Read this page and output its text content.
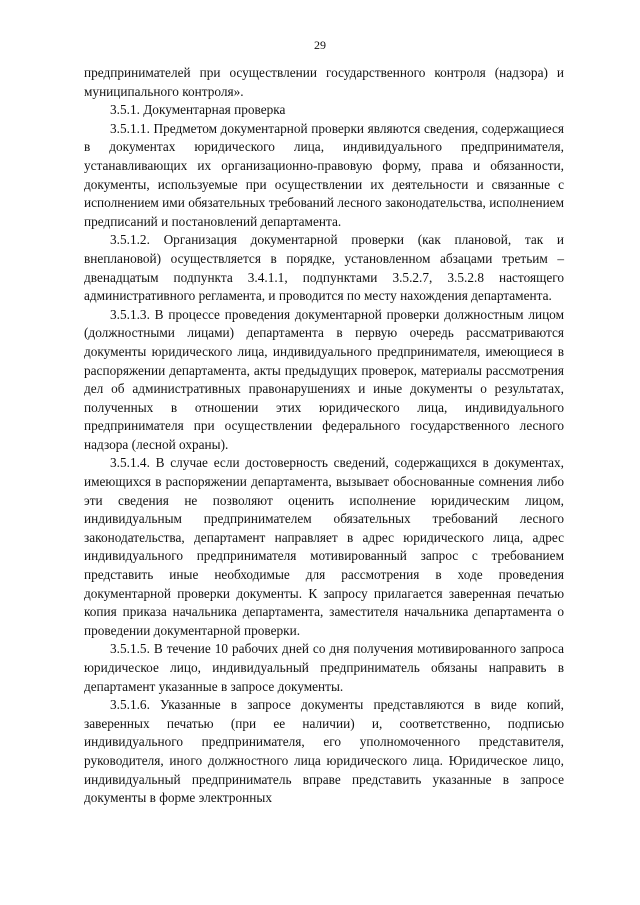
29

предпринимателей при осуществлении государственного контроля (надзора) и муниципального контроля».

3.5.1. Документарная проверка

3.5.1.1. Предметом документарной проверки являются сведения, содержащиеся в документах юридического лица, индивидуального предпринимателя, устанавливающих их организационно-правовую форму, права и обязанности, документы, используемые при осуществлении их деятельности и связанные с исполнением ими обязательных требований лесного законодательства, исполнением предписаний и постановлений департамента.

3.5.1.2. Организация документарной проверки (как плановой, так и внеплановой) осуществляется в порядке, установленном абзацами третьим – двенадцатым подпункта 3.4.1.1, подпунктами 3.5.2.7, 3.5.2.8 настоящего административного регламента, и проводится по месту нахождения департамента.

3.5.1.3. В процессе проведения документарной проверки должностным лицом (должностными лицами) департамента в первую очередь рассматриваются документы юридического лица, индивидуального предпринимателя, имеющиеся в распоряжении департамента, акты предыдущих проверок, материалы рассмотрения дел об административных правонарушениях и иные документы о результатах, полученных в отношении этих юридического лица, индивидуального предпринимателя при осуществлении федерального государственного лесного надзора (лесной охраны).

3.5.1.4. В случае если достоверность сведений, содержащихся в документах, имеющихся в распоряжении департамента, вызывает обоснованные сомнения либо эти сведения не позволяют оценить исполнение юридическим лицом, индивидуальным предпринимателем обязательных требований лесного законодательства, департамент направляет в адрес юридического лица, адрес индивидуального предпринимателя мотивированный запрос с требованием представить иные необходимые для рассмотрения в ходе проведения документарной проверки документы. К запросу прилагается заверенная печатью копия приказа начальника департамента, заместителя начальника департамента о проведении документарной проверки.

3.5.1.5. В течение 10 рабочих дней со дня получения мотивированного запроса юридическое лицо, индивидуальный предприниматель обязаны направить в департамент указанные в запросе документы.

3.5.1.6. Указанные в запросе документы представляются в виде копий, заверенных печатью (при ее наличии) и, соответственно, подписью индивидуального предпринимателя, его уполномоченного представителя, руководителя, иного должностного лица юридического лица. Юридическое лицо, индивидуальный предприниматель вправе представить указанные в запросе документы в форме электронных
